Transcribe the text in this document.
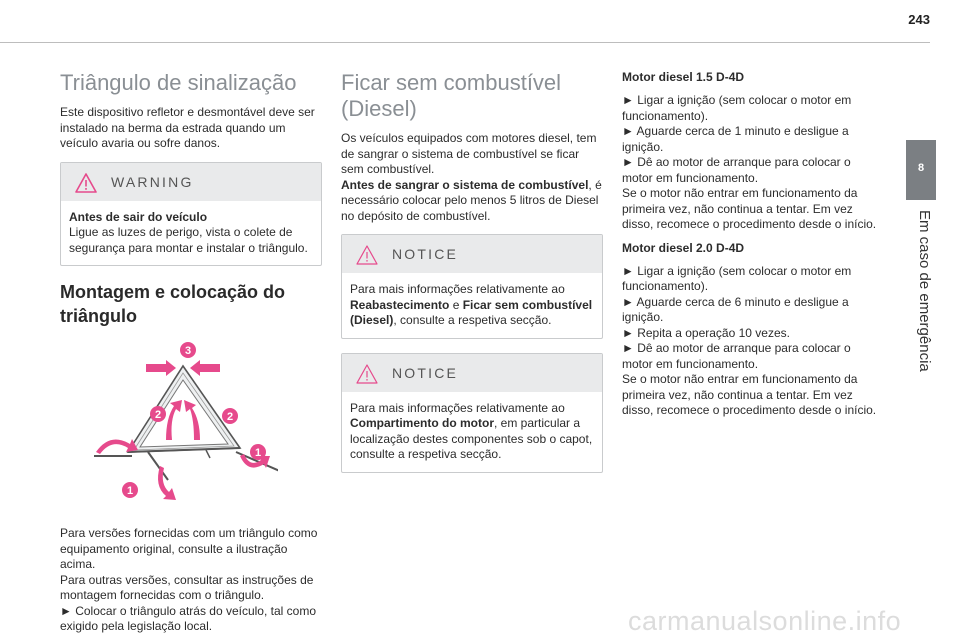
243
8
Em caso de emergência
Triângulo de sinalização

Este dispositivo refletor e desmontável deve ser instalado na berma da estrada quando um veículo avaria ou sofre danos.

WARNING
Antes de sair do veículo
Ligue as luzes de perigo, vista o colete de segurança para montar e instalar o triângulo.
Montagem e colocação do triângulo
1
1
2	2
3
Para versões fornecidas com um triângulo como equipamento original, consulte a ilustração acima.
Para outras versões, consultar as instruções de montagem fornecidas com o triângulo.
► Colocar o triângulo atrás do veículo, tal como exigido pela legislação local.
Ficar sem combustível (Diesel)

Os veículos equipados com motores diesel, tem de sangrar o sistema de combustível se ficar sem combustível.

Antes de sangrar o sistema de combustível, é necessário colocar pelo menos 5 litros de Diesel no depósito de combustível.

NOTICE
Para mais informações relativamente ao Reabastecimento e Ficar sem combustível (Diesel), consulte a respetiva secção.
NOTICE
Para mais informações relativamente ao Compartimento do motor, em particular a localização destes componentes sob o capot, consulte a respetiva secção.
Motor diesel 1.5 D-4D
► Ligar a ignição (sem colocar o motor em funcionamento).
► Aguarde cerca de 1 minuto e desligue a ignição.
► Dê ao motor de arranque para colocar o motor em funcionamento.
Se o motor não entrar em funcionamento da primeira vez, não continua a tentar. Em vez disso, recomece o procedimento desde o início.
Motor diesel 2.0 D-4D
► Ligar a ignição (sem colocar o motor em funcionamento).
► Aguarde cerca de 6 minuto e desligue a ignição.
► Repita a operação 10 vezes.
► Dê ao motor de arranque para colocar o motor em funcionamento.
Se o motor não entrar em funcionamento da primeira vez, não continua a tentar. Em vez disso, recomece o procedimento desde o início.
carmanualsonline.info
